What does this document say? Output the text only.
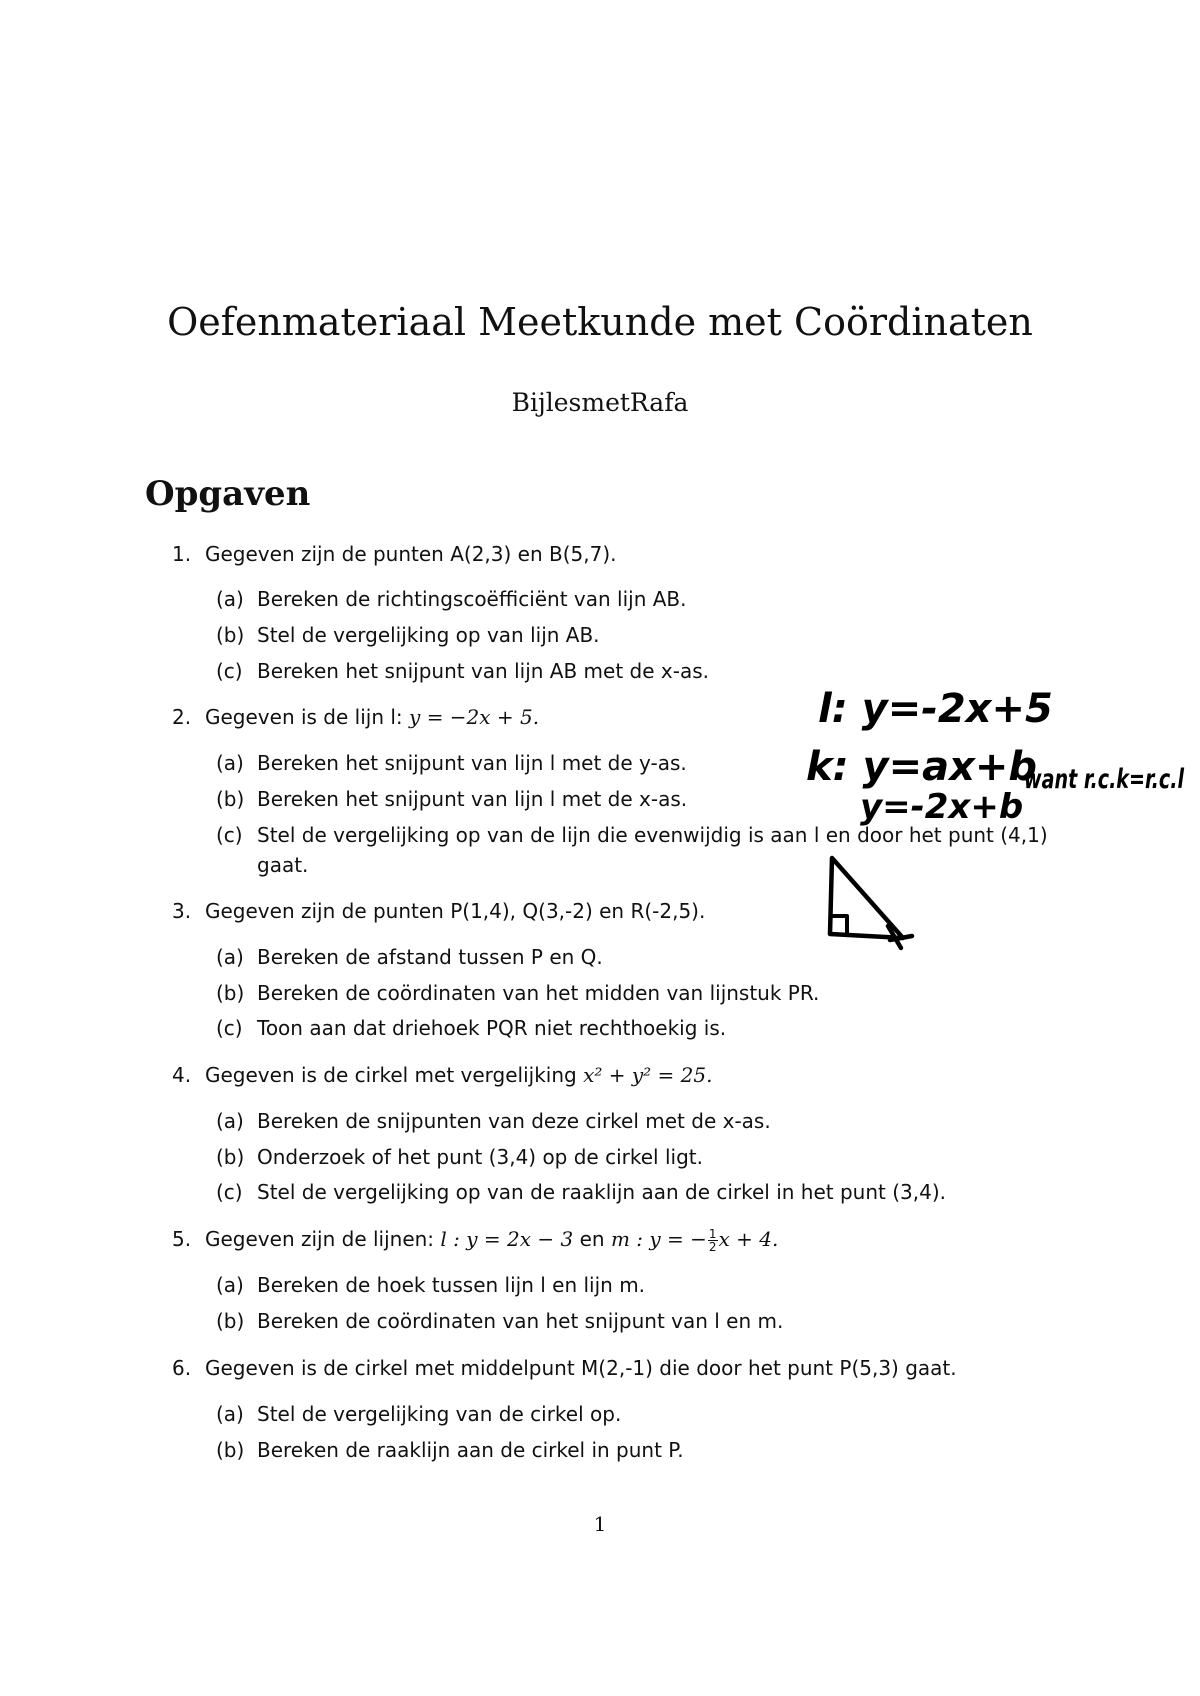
Oefenmateriaal Meetkunde met Coördinaten
BijlesmetRafa
Opgaven
1. Gegeven zijn de punten A(2,3) en B(5,7).
(a) Bereken de richtingscoëfficiënt van lijn AB.
(b) Stel de vergelijking op van lijn AB.
(c) Bereken het snijpunt van lijn AB met de x-as.
2. Gegeven is de lijn l: y = −2x + 5.
(a) Bereken het snijpunt van lijn l met de y-as.
(b) Bereken het snijpunt van lijn l met de x-as.
(c) Stel de vergelijking op van de lijn die evenwijdig is aan l en door het punt (4,1)
gaat.
3. Gegeven zijn de punten P(1,4), Q(3,-2) en R(-2,5).
(a) Bereken de afstand tussen P en Q.
(b) Bereken de coördinaten van het midden van lijnstuk PR.
(c) Toon aan dat driehoek PQR niet rechthoekig is.
4. Gegeven is de cirkel met vergelijking x² + y² = 25.
(a) Bereken de snijpunten van deze cirkel met de x-as.
(b) Onderzoek of het punt (3,4) op de cirkel ligt.
(c) Stel de vergelijking op van de raaklijn aan de cirkel in het punt (3,4).
5. Gegeven zijn de lijnen: l : y = 2x − 3 en m : y = − $\frac{1}{2}$ x + 4.
(a) Bereken de hoek tussen lijn l en lijn m.
(b) Bereken de coördinaten van het snijpunt van l en m.
6. Gegeven is de cirkel met middelpunt M(2,-1) die door het punt P(5,3) gaat.
(a) Stel de vergelijking van de cirkel op.
(b) Bereken de raaklijn aan de cirkel in punt P.
1
l: y=-2x+5
k: y=ax+b
y=-2x+b
want r.c.k=r.c.l
